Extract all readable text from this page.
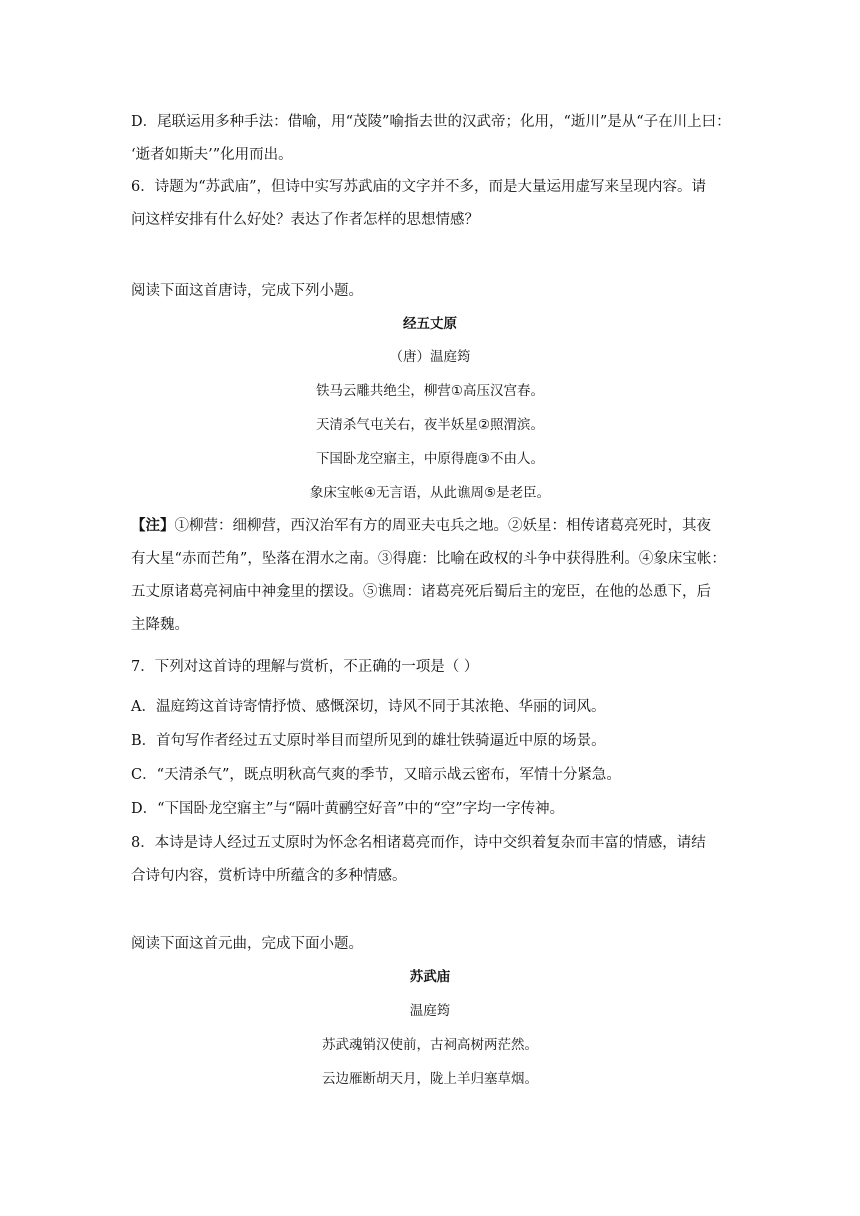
D．尾联运用多种手法：借喻，用“茂陵”喻指去世的汉武帝；化用，“逝川”是从“子在川上曰：
‘逝者如斯夫’”化用而出。
6．诗题为“苏武庙”，但诗中实写苏武庙的文字并不多，而是大量运用虚写来呈现内容。请
问这样安排有什么好处？表达了作者怎样的思想情感？
阅读下面这首唐诗，完成下列小题。
经五丈原
（唐）温庭筠
铁马云雕共绝尘，柳营①高压汉宫春。
天清杀气屯关右，夜半妖星②照渭滨。
下国卧龙空寤主，中原得鹿③不由人。
象床宝帐④无言语，从此谯周⑤是老臣。
【注】①柳营：细柳营，西汉治军有方的周亚夫屯兵之地。②妖星：相传诸葛亮死时，其夜
有大星“赤而芒角”，坠落在渭水之南。③得鹿：比喻在政权的斗争中获得胜利。④象床宝帐：
五丈原诸葛亮祠庙中神龛里的摆设。⑤谯周：诸葛亮死后蜀后主的宠臣，在他的怂恿下，后
主降魏。
7．下列对这首诗的理解与赏析，不正确的一项是（ ）
A．温庭筠这首诗寄情抒愤、感慨深切，诗风不同于其浓艳、华丽的词风。
B．首句写作者经过五丈原时举目而望所见到的雄壮铁骑逼近中原的场景。
C．“天清杀气”，既点明秋高气爽的季节，又暗示战云密布，军情十分紧急。
D．“下国卧龙空寤主”与“隔叶黄鹂空好音”中的“空”字均一字传神。
8．本诗是诗人经过五丈原时为怀念名相诸葛亮而作，诗中交织着复杂而丰富的情感，请结
合诗句内容，赏析诗中所蕴含的多种情感。
阅读下面这首元曲，完成下面小题。
苏武庙
温庭筠
苏武魂销汉使前，古祠高树两茫然。
云边雁断胡天月，陇上羊归塞草烟。
